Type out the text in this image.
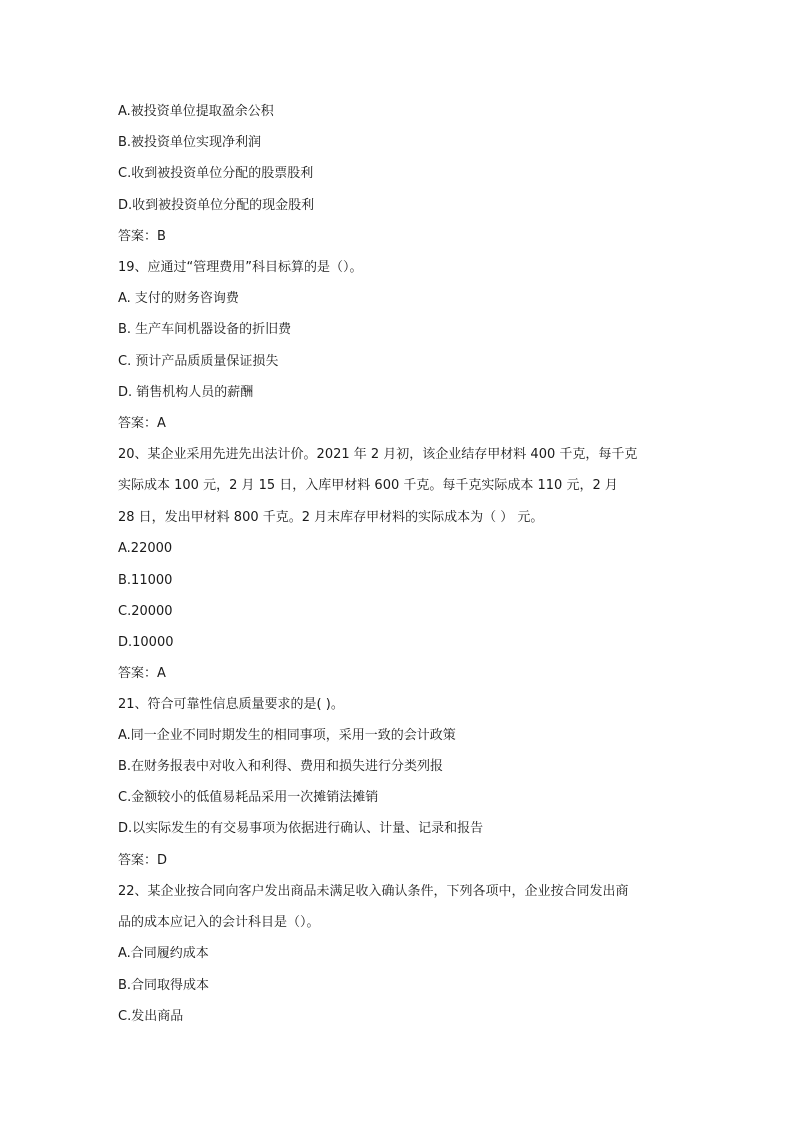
A.被投资单位提取盈余公积
B.被投资单位实现净利润
C.收到被投资单位分配的股票股利
D.收到被投资单位分配的现金股利
答案：B
19、应通过“管理费用”科目标算的是（）。
A. 支付的财务咨询费
B. 生产车间机器设备的折旧费
C. 预计产品质质量保证损失
D. 销售机构人员的薪酬
答案：A
20、某企业采用先进先出法计价。2021 年 2 月初，该企业结存甲材料 400 千克，每千克
实际成本 100 元，2 月 15 日，入库甲材料 600 千克。每千克实际成本 110 元，2 月
28 日，发出甲材料 800 千克。2 月末库存甲材料的实际成本为（ ） 元。
A.22000
B.11000
C.20000
D.10000
答案：A
21、符合可靠性信息质量要求的是( )。
A.同一企业不同时期发生的相同事项，采用一致的会计政策
B.在财务报表中对收入和利得、费用和损失进行分类列报
C.金额较小的低值易耗品采用一次摊销法摊销
D.以实际发生的有交易事项为依据进行确认、计量、记录和报告
答案：D
22、某企业按合同向客户发出商品未满足收入确认条件，下列各项中，企业按合同发出商
品的成本应记入的会计科目是（）。
A.合同履约成本
B.合同取得成本
C.发出商品
